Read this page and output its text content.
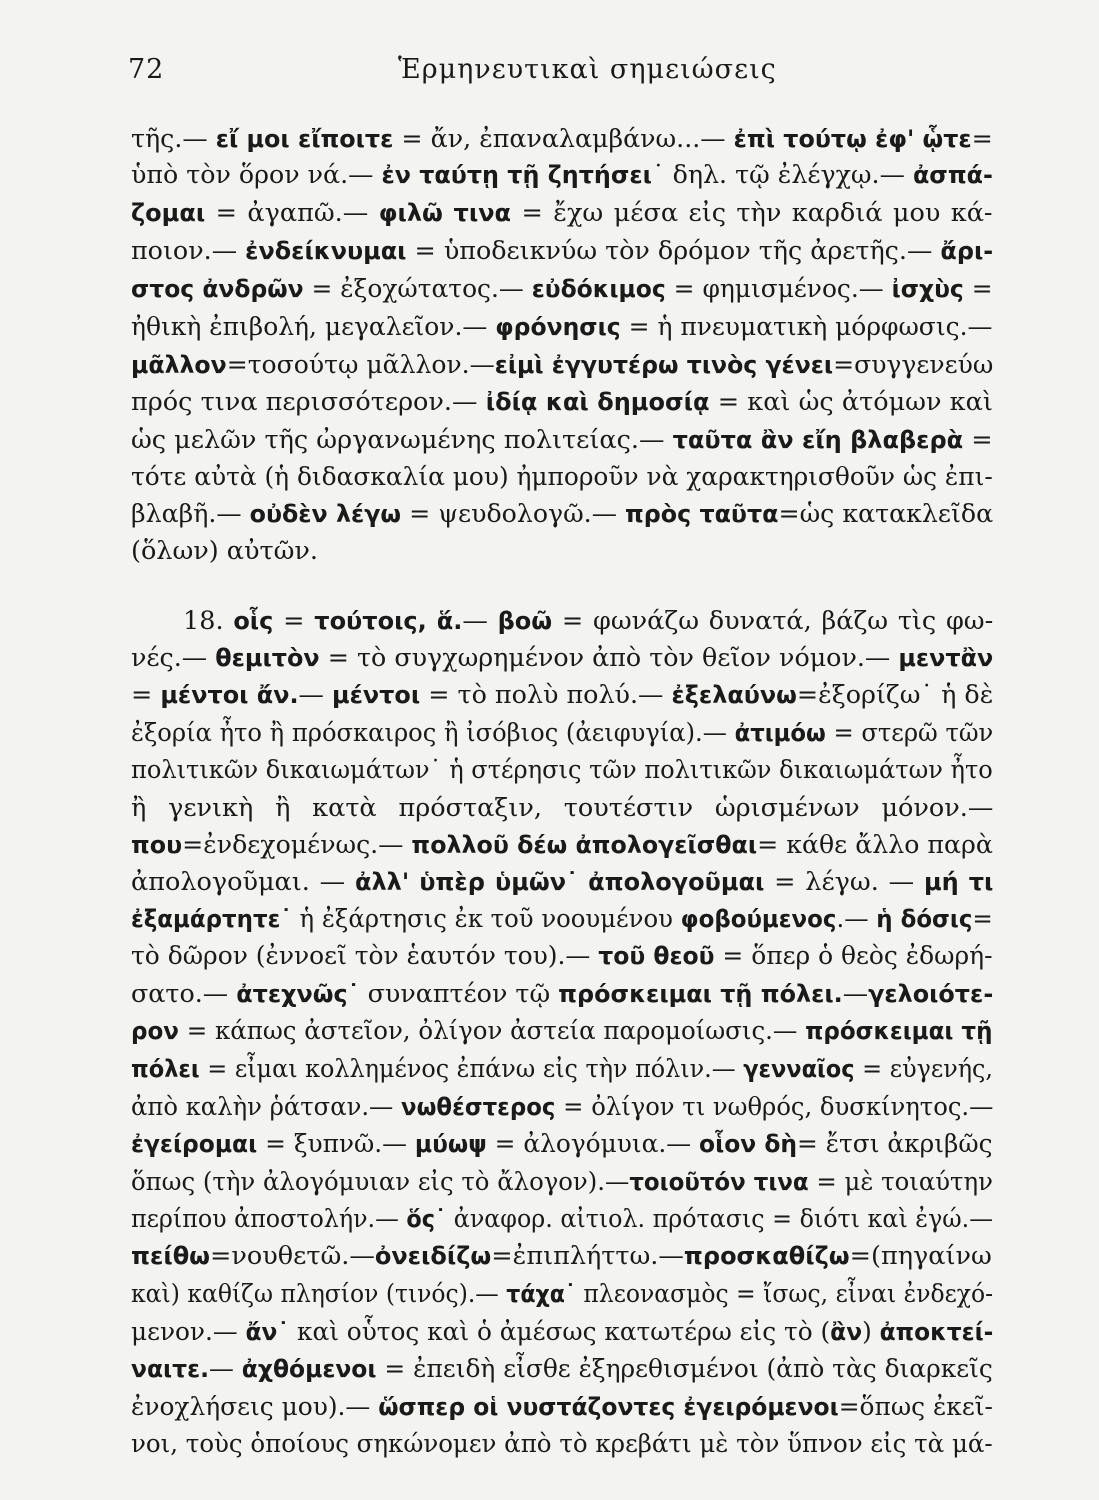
72	Ἑρμηνευτικαὶ σημειώσεις
τῆς.— εἴ μοι εἴποιτε = ἄν, ἐπαναλαμβάνω...— ἐπὶ τούτῳ ἐφ' ᾧτε=
ὑπὸ τὸν ὅρον νά.— ἐν ταύτῃ τῇ ζητήσει˙ δηλ. τῷ ἐλέγχῳ.— ἀσπά-
ζομαι = ἀγαπῶ.— φιλῶ τινα = ἔχω μέσα εἰς τὴν καρδιά μου κά-
ποιον.— ἐνδείκνυμαι = ὑποδεικνύω τὸν δρόμον τῆς ἀρετῆς.— ἄρι-
στος ἀνδρῶν = ἐξοχώτατος.— εὐδόκιμος = φημισμένος.— ἰσχὺς =
ἠθικὴ ἐπιβολή, μεγαλεῖον.— φρόνησις = ἡ πνευματικὴ μόρφωσις.—
μᾶλλον=τοσούτῳ μᾶλλον.—εἰμὶ ἐγγυτέρω τινὸς γένει=συγγενεύω
πρός τινα περισσότερον.— ἰδίᾳ καὶ δημοσίᾳ = καὶ ὡς ἀτόμων καὶ
ὡς μελῶν τῆς ὠργανωμένης πολιτείας.— ταῦτα ἂν εἴη βλαβερὰ =
τότε αὐτὰ (ἡ διδασκαλία μου) ἠμποροῦν νὰ χαρακτηρισθοῦν ὡς ἐπι-
βλαβῆ.— οὐδὲν λέγω = ψευδολογῶ.— πρὸς ταῦτα=ὡς κατακλεῖδα
(ὅλων) αὐτῶν.
18. οἷς = τούτοις, ἅ.— βοῶ = φωνάζω δυνατά, βάζω τὶς φω-
νές.— θεμιτὸν = τὸ συγχωρημένον ἀπὸ τὸν θεῖον νόμον.— μεντἂν
= μέντοι ἄν.— μέντοι = τὸ πολὺ πολύ.— ἐξελαύνω=ἐξορίζω˙ ἡ δὲ
ἐξορία ἦτο ἢ πρόσκαιρος ἢ ἰσόβιος (ἀειφυγία).— ἀτιμόω = στερῶ τῶν
πολιτικῶν δικαιωμάτων˙ ἡ στέρησις τῶν πολιτικῶν δικαιωμάτων ἦτο
ἢ γενικὴ ἢ κατὰ πρόσταξιν, τουτέστιν ὡρισμένων μόνον.—
που=ἐνδεχομένως.— πολλοῦ δέω ἀπολογεῖσθαι= κάθε ἄλλο παρὰ
ἀπολογοῦμαι. — ἀλλ' ὑπὲρ ὑμῶν˙ ἀπολογοῦμαι = λέγω. — μή τι
ἐξαμάρτητε˙ ἡ ἐξάρτησις ἐκ τοῦ νοουμένου φοβούμενος.— ἡ δόσις=
τὸ δῶρον (ἐννοεῖ τὸν ἑαυτόν του).— τοῦ θεοῦ = ὅπερ ὁ θεὸς ἐδωρή-
σατο.— ἀτεχνῶς˙ συναπτέον τῷ πρόσκειμαι τῇ πόλει.—γελοιότε-
ρον = κάπως ἀστεῖον, ὀλίγον ἀστεία παρομοίωσις.— πρόσκειμαι τῇ
πόλει = εἶμαι κολλημένος ἐπάνω εἰς τὴν πόλιν.— γενναῖος = εὐγενής,
ἀπὸ καλὴν ῥάτσαν.— νωθέστερος = ὀλίγον τι νωθρός, δυσκίνητος.—
ἐγείρομαι = ξυπνῶ.— μύωψ = ἀλογόμυια.— οἷον δὴ= ἔτσι ἀκριβῶς
ὅπως (τὴν ἀλογόμυιαν εἰς τὸ ἄλογον).—τοιοῦτόν τινα = μὲ τοιαύτην
περίπου ἀποστολήν.— ὅς˙ ἀναφορ. αἰτιολ. πρότασις = διότι καὶ ἐγώ.—
πείθω=νουθετῶ.—ὀνειδίζω=ἐπιπλήττω.—προσκαθίζω=(πηγαίνω
καὶ) καθίζω πλησίον (τινός).— τάχα˙ πλεονασμὸς = ἴσως, εἶναι ἐνδεχό-
μενον.— ἄν˙ καὶ οὗτος καὶ ὁ ἀμέσως κατωτέρω εἰς τὸ (ἂν) ἀποκτεί-
ναιτε.— ἀχθόμενοι = ἐπειδὴ εἶσθε ἐξηρεθισμένοι (ἀπὸ τὰς διαρκεῖς
ἐνοχλήσεις μου).— ὥσπερ οἱ νυστάζοντες ἐγειρόμενοι=ὅπως ἐκεῖ-
νοι, τοὺς ὁποίους σηκώνομεν ἀπὸ τὸ κρεβάτι μὲ τὸν ὕπνον εἰς τὰ μά-
